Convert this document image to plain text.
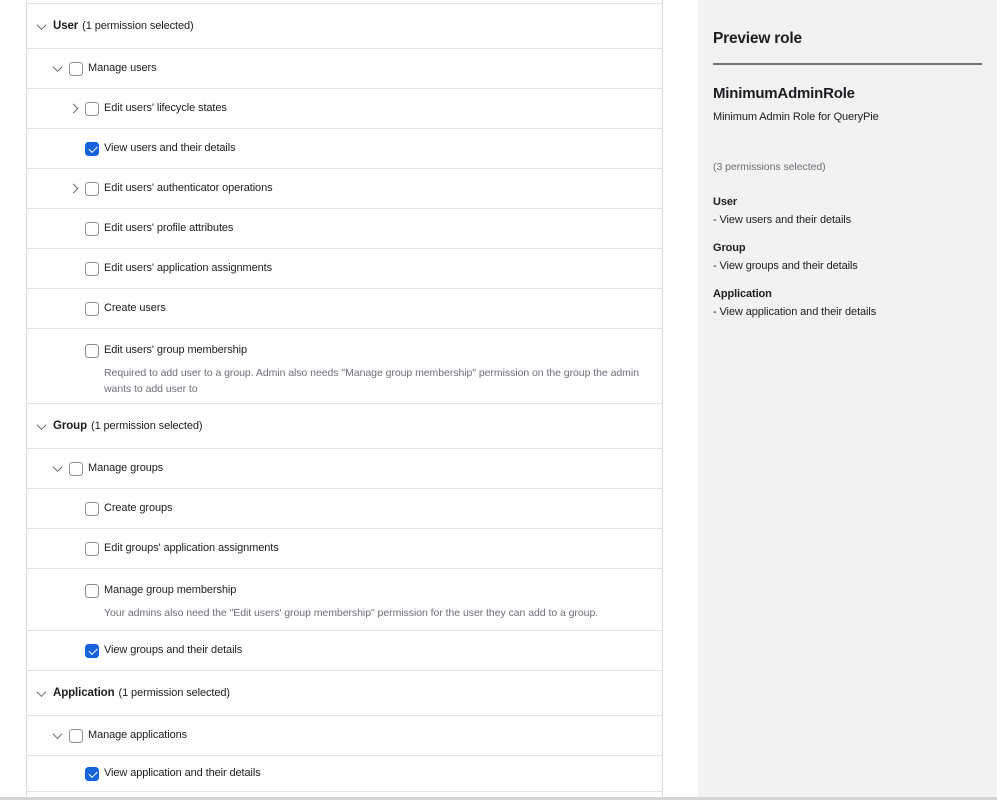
User (1 permission selected)
Manage users
Edit users' lifecycle states
View users and their details
Edit users' authenticator operations
Edit users' profile attributes
Edit users' application assignments
Create users
Edit users' group membership
Required to add user to a group. Admin also needs "Manage group membership" permission on the group the admin wants to add user to
Group (1 permission selected)
Manage groups
Create groups
Edit groups' application assignments
Manage group membership
Your admins also need the "Edit users' group membership" permission for the user they can add to a group.
View groups and their details
Application (1 permission selected)
Manage applications
View application and their details
Preview role
MinimumAdminRole
Minimum Admin Role for QueryPie
(3 permissions selected)
User
- View users and their details
Group
- View groups and their details
Application
- View application and their details
